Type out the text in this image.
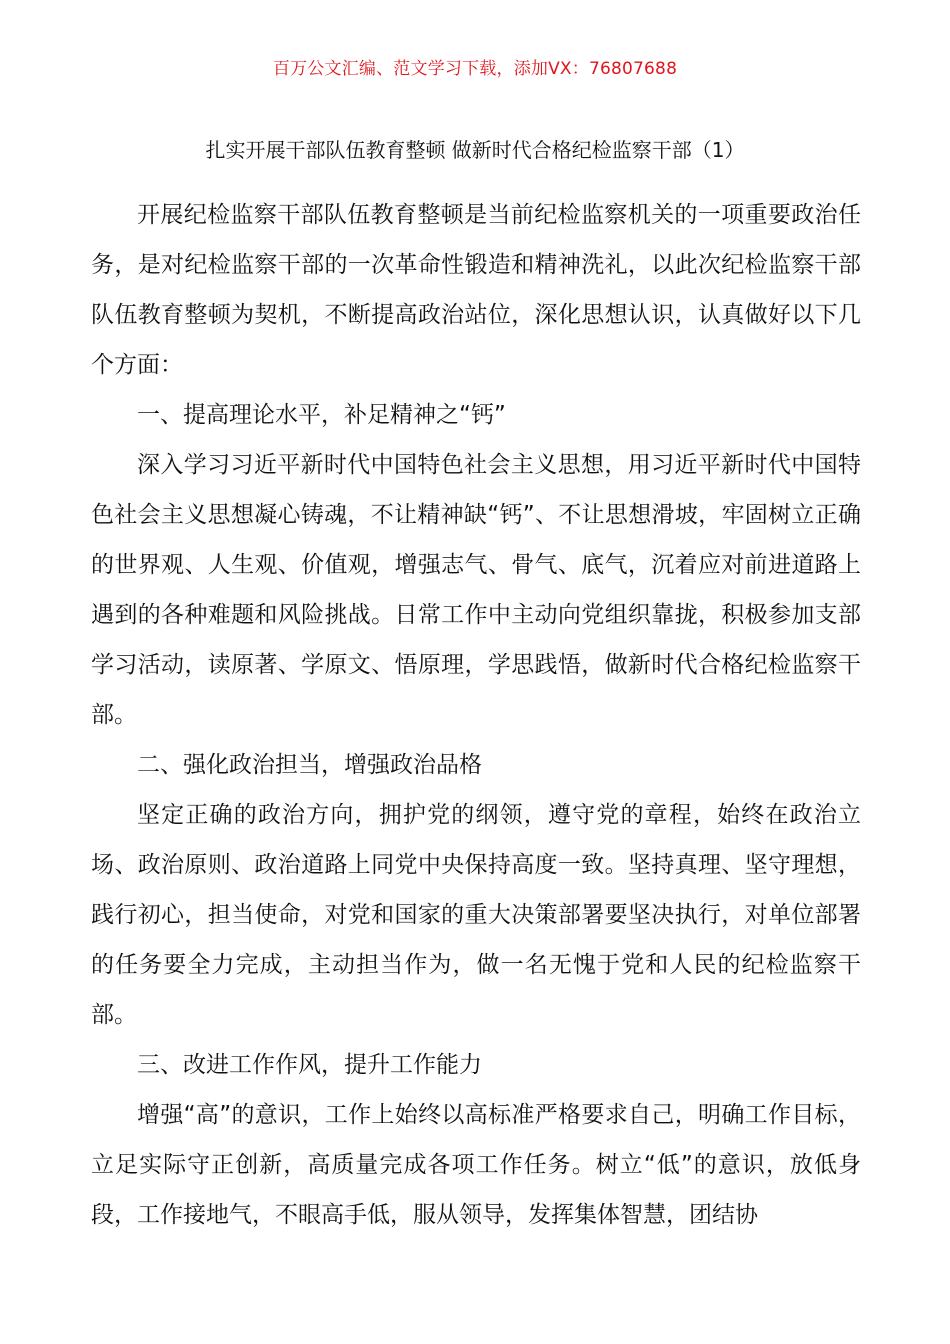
百万公文汇编、范文学习下载，添加VX：76807688
扎实开展干部队伍教育整顿 做新时代合格纪检监察干部（1）

开展纪检监察干部队伍教育整顿是当前纪检监察机关的一项重要政治任务，是对纪检监察干部的一次革命性锻造和精神洗礼，以此次纪检监察干部队伍教育整顿为契机，不断提高政治站位，深化思想认识，认真做好以下几个方面：

一、提高理论水平，补足精神之“钙”

深入学习习近平新时代中国特色社会主义思想，用习近平新时代中国特色社会主义思想凝心铸魂，不让精神缺“钙”、不让思想滑坡，牢固树立正确的世界观、人生观、价值观，增强志气、骨气、底气，沉着应对前进道路上遇到的各种难题和风险挑战。日常工作中主动向党组织靠拢，积极参加支部学习活动，读原著、学原文、悟原理，学思践悟，做新时代合格纪检监察干部。

二、强化政治担当，增强政治品格

坚定正确的政治方向，拥护党的纲领，遵守党的章程，始终在政治立场、政治原则、政治道路上同党中央保持高度一致。坚持真理、坚守理想，践行初心，担当使命，对党和国家的重大决策部署要坚决执行，对单位部署的任务要全力完成，主动担当作为，做一名无愧于党和人民的纪检监察干部。

三、改进工作作风，提升工作能力

增强“高”的意识，工作上始终以高标准严格要求自己，明确工作目标，立足实际守正创新，高质量完成各项工作任务。树立“低”的意识，放低身段，工作接地气，不眼高手低，服从领导，发挥集体智慧，团结协
